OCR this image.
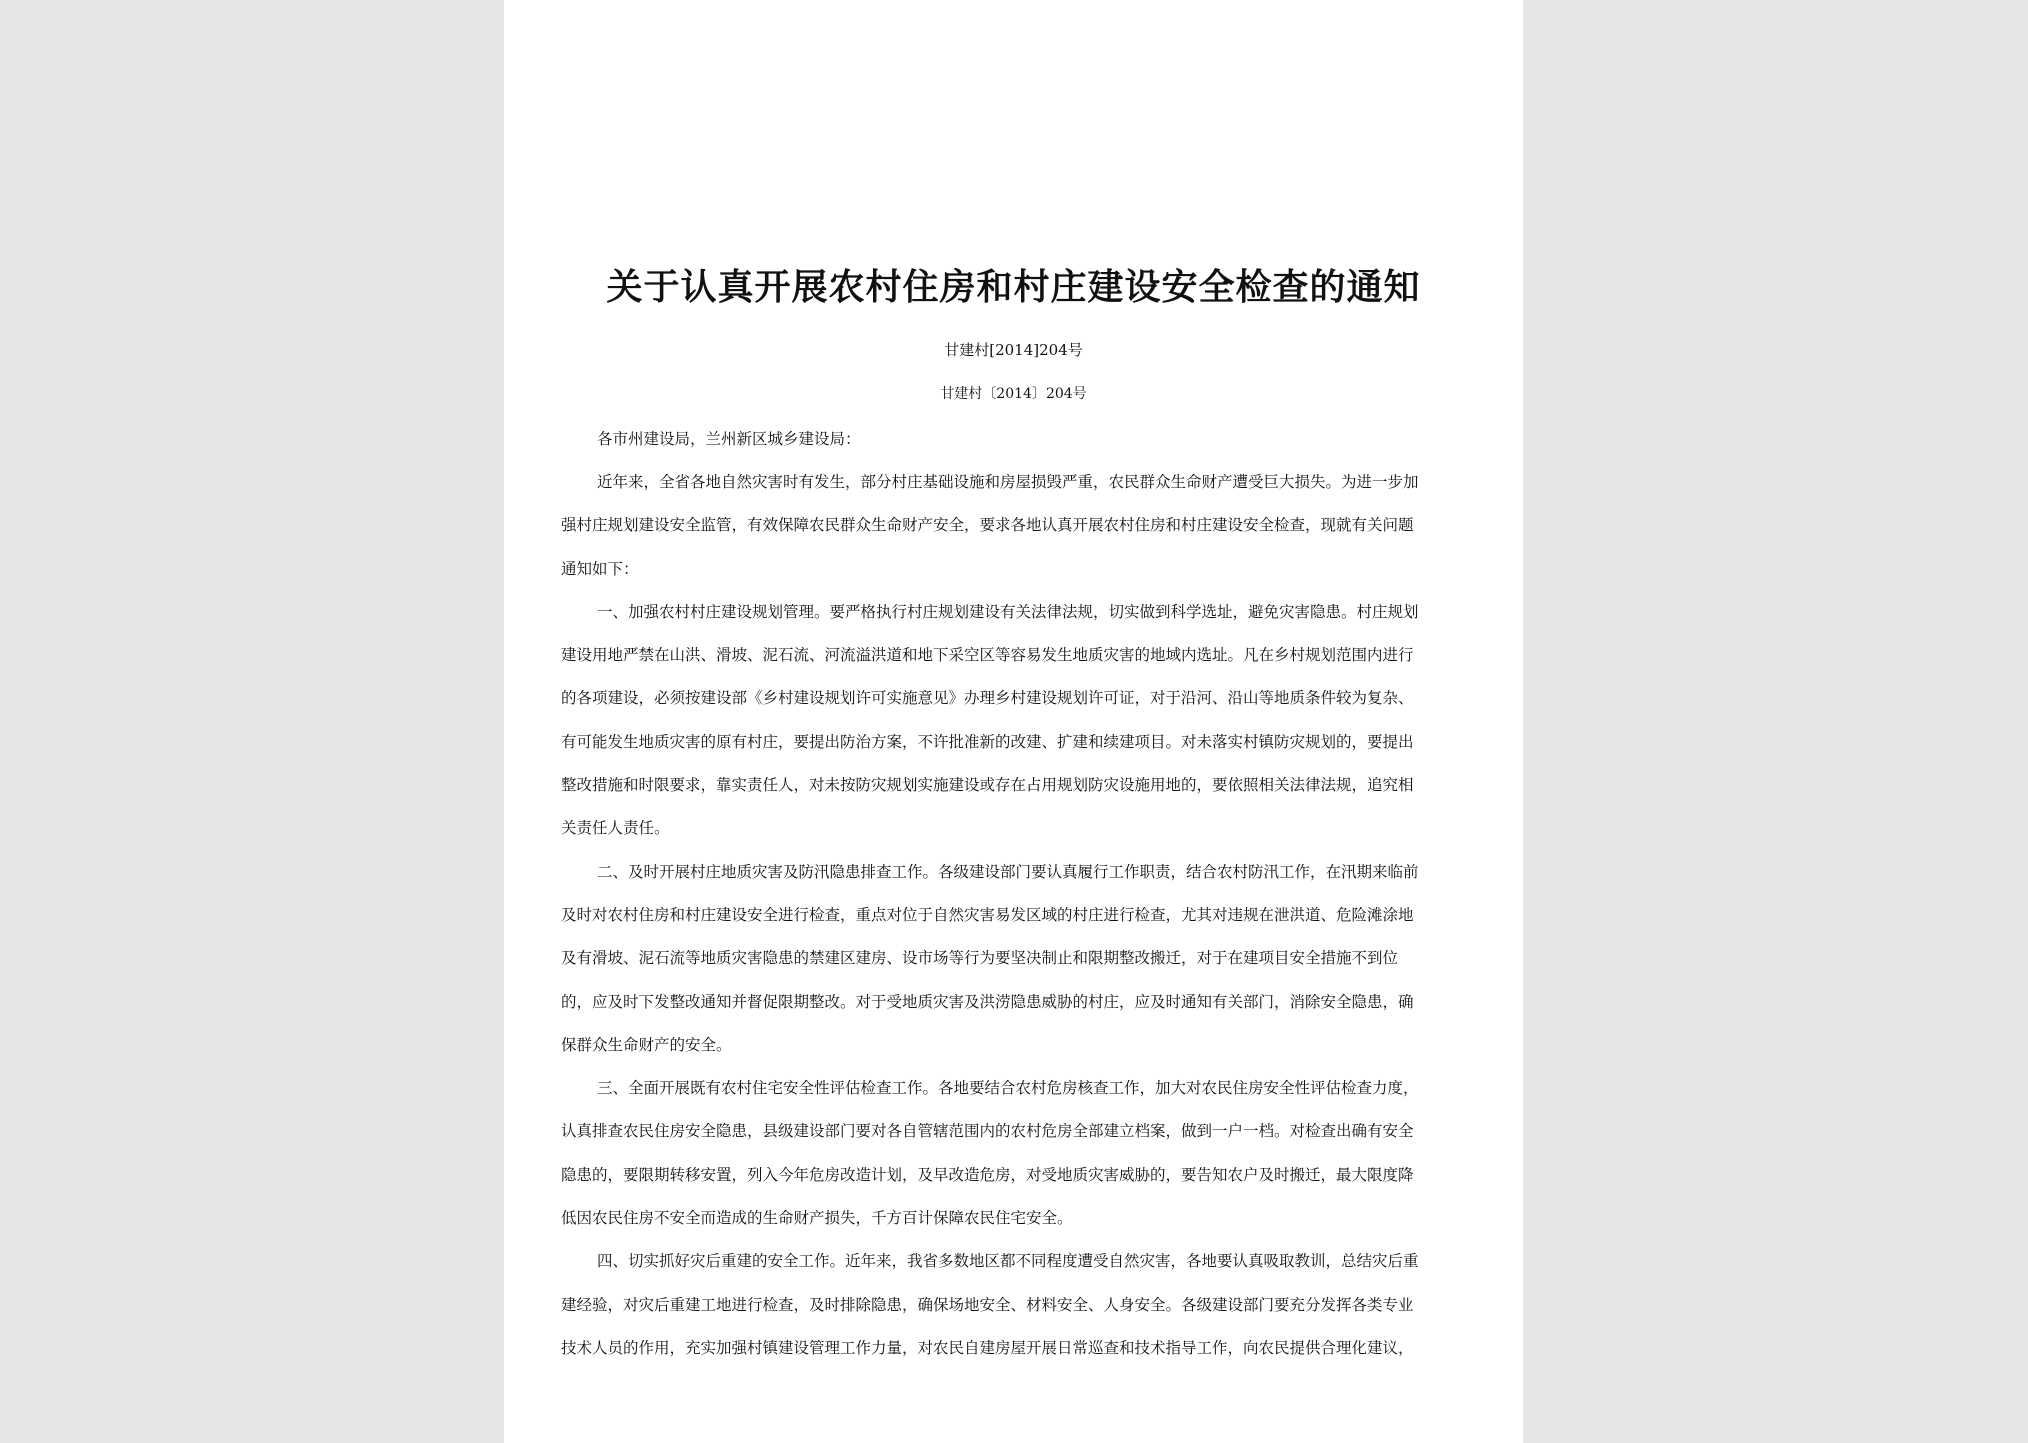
关于认真开展农村住房和村庄建设安全检查的通知
甘建村[2014]204号
甘建村〔2014〕204号

各市州建设局，兰州新区城乡建设局：

近年来，全省各地自然灾害时有发生，部分村庄基础设施和房屋损毁严重，农民群众生命财产遭受巨大损失。为进一步加
强村庄规划建设安全监管，有效保障农民群众生命财产安全，要求各地认真开展农村住房和村庄建设安全检查，现就有关问题
通知如下：

一、加强农村村庄建设规划管理。要严格执行村庄规划建设有关法律法规，切实做到科学选址，避免灾害隐患。村庄规划
建设用地严禁在山洪、滑坡、泥石流、河流溢洪道和地下采空区等容易发生地质灾害的地域内选址。凡在乡村规划范围内进行
的各项建设，必须按建设部《乡村建设规划许可实施意见》办理乡村建设规划许可证，对于沿河、沿山等地质条件较为复杂、
有可能发生地质灾害的原有村庄，要提出防治方案，不许批准新的改建、扩建和续建项目。对未落实村镇防灾规划的，要提出
整改措施和时限要求，靠实责任人，对未按防灾规划实施建设或存在占用规划防灾设施用地的，要依照相关法律法规，追究相
关责任人责任。

二、及时开展村庄地质灾害及防汛隐患排查工作。各级建设部门要认真履行工作职责，结合农村防汛工作，在汛期来临前
及时对农村住房和村庄建设安全进行检查，重点对位于自然灾害易发区域的村庄进行检查，尤其对违规在泄洪道、危险滩涂地
及有滑坡、泥石流等地质灾害隐患的禁建区建房、设市场等行为要坚决制止和限期整改搬迁，对于在建项目安全措施不到位
的，应及时下发整改通知并督促限期整改。对于受地质灾害及洪涝隐患威胁的村庄，应及时通知有关部门，消除安全隐患，确
保群众生命财产的安全。

三、全面开展既有农村住宅安全性评估检查工作。各地要结合农村危房核查工作，加大对农民住房安全性评估检查力度，
认真排查农民住房安全隐患，县级建设部门要对各自管辖范围内的农村危房全部建立档案，做到一户一档。对检查出确有安全
隐患的，要限期转移安置，列入今年危房改造计划，及早改造危房，对受地质灾害威胁的，要告知农户及时搬迁，最大限度降
低因农民住房不安全而造成的生命财产损失，千方百计保障农民住宅安全。

四、切实抓好灾后重建的安全工作。近年来，我省多数地区都不同程度遭受自然灾害，各地要认真吸取教训，总结灾后重
建经验，对灾后重建工地进行检查，及时排除隐患，确保场地安全、材料安全、人身安全。各级建设部门要充分发挥各类专业
技术人员的作用，充实加强村镇建设管理工作力量，对农民自建房屋开展日常巡查和技术指导工作，向农民提供合理化建议，
